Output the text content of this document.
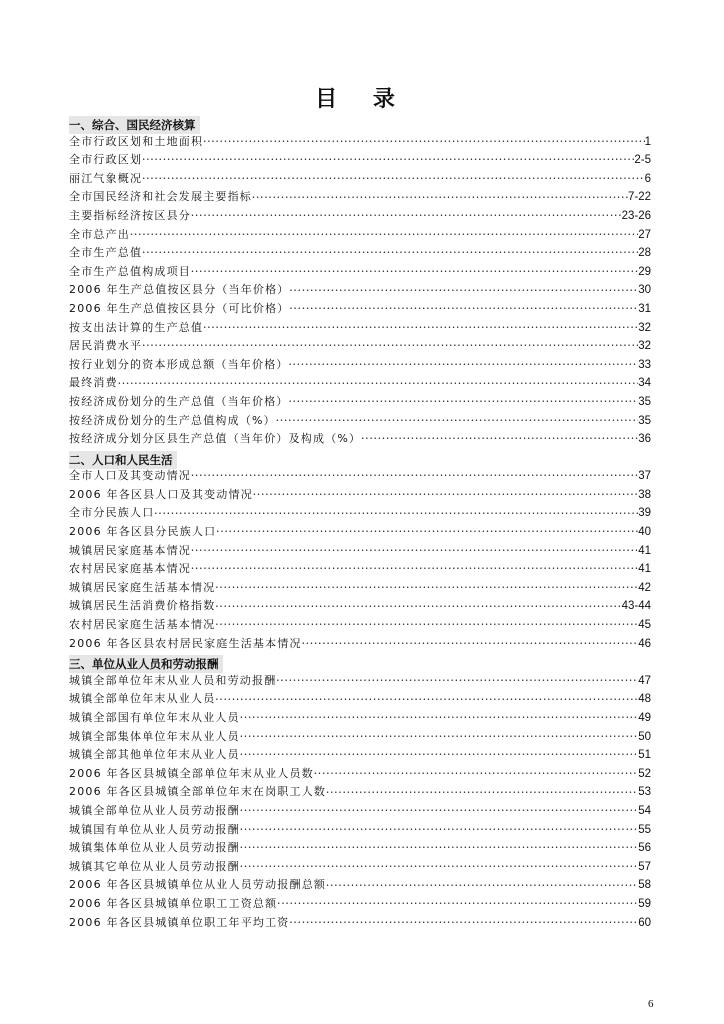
目 录
一、综合、国民经济核算
全市行政区划和土地面积 •••••	1
全市行政区划 •••••	2-5
丽江气象概况 •••••	6
全市国民经济和社会发展主要指标 •••••	7-22
主要指标经济按区县分 •••••	23-26
全市总产出 •••••	27
全市生产总值 •••••	28
全市生产总值构成项目 •••••	29
2006 年生产总值按区县分（当年价格） •••••	30
2006 年生产总值按区县分（可比价格） •••••	31
按支出法计算的生产总值 •••••	32
居民消费水平 •••••	32
按行业划分的资本形成总额（当年价格） •••••	33
最终消费 •••••	34
按经济成份划分的生产总值（当年价格） •••••	35
按经济成份划分的生产总值构成（%） •••••	35
按经济成分划分区县生产总值（当年价）及构成（%） •••••	36
二、人口和人民生活
全市人口及其变动情况 •••••	37
2006 年各区县人口及其变动情况 •••••	38
全市分民族人口 •••••	39
2006 年各区县分民族人口 •••••	40
城镇居民家庭基本情况 •••••	41
农村居民家庭基本情况 •••••	41
城镇居民家庭生活基本情况 •••••	42
城镇居民生活消费价格指数 •••••	43-44
农村居民家庭生活基本情况 •••••	45
2006 年各区县农村居民家庭生活基本情况 •••••	46
三、单位从业人员和劳动报酬
城镇全部单位年末从业人员和劳动报酬 •••••	47
城镇全部单位年末从业人员 •••••	48
城镇全部国有单位年末从业人员 •••••	49
城镇全部集体单位年末从业人员 •••••	50
城镇全部其他单位年末从业人员 •••••	51
2006 年各区县城镇全部单位年末从业人员数 •••••	52
2006 年各区县城镇全部单位年末在岗职工人数 •••••	53
城镇全部单位从业人员劳动报酬 •••••	54
城镇国有单位从业人员劳动报酬 •••••	55
城镇集体单位从业人员劳动报酬 •••••	56
城镇其它单位从业人员劳动报酬 •••••	57
2006 年各区县城镇单位从业人员劳动报酬总额 •••••	58
2006 年各区县城镇单位职工工资总额 •••••	59
2006 年各区县城镇单位职工年平均工资 •••••	60
6
